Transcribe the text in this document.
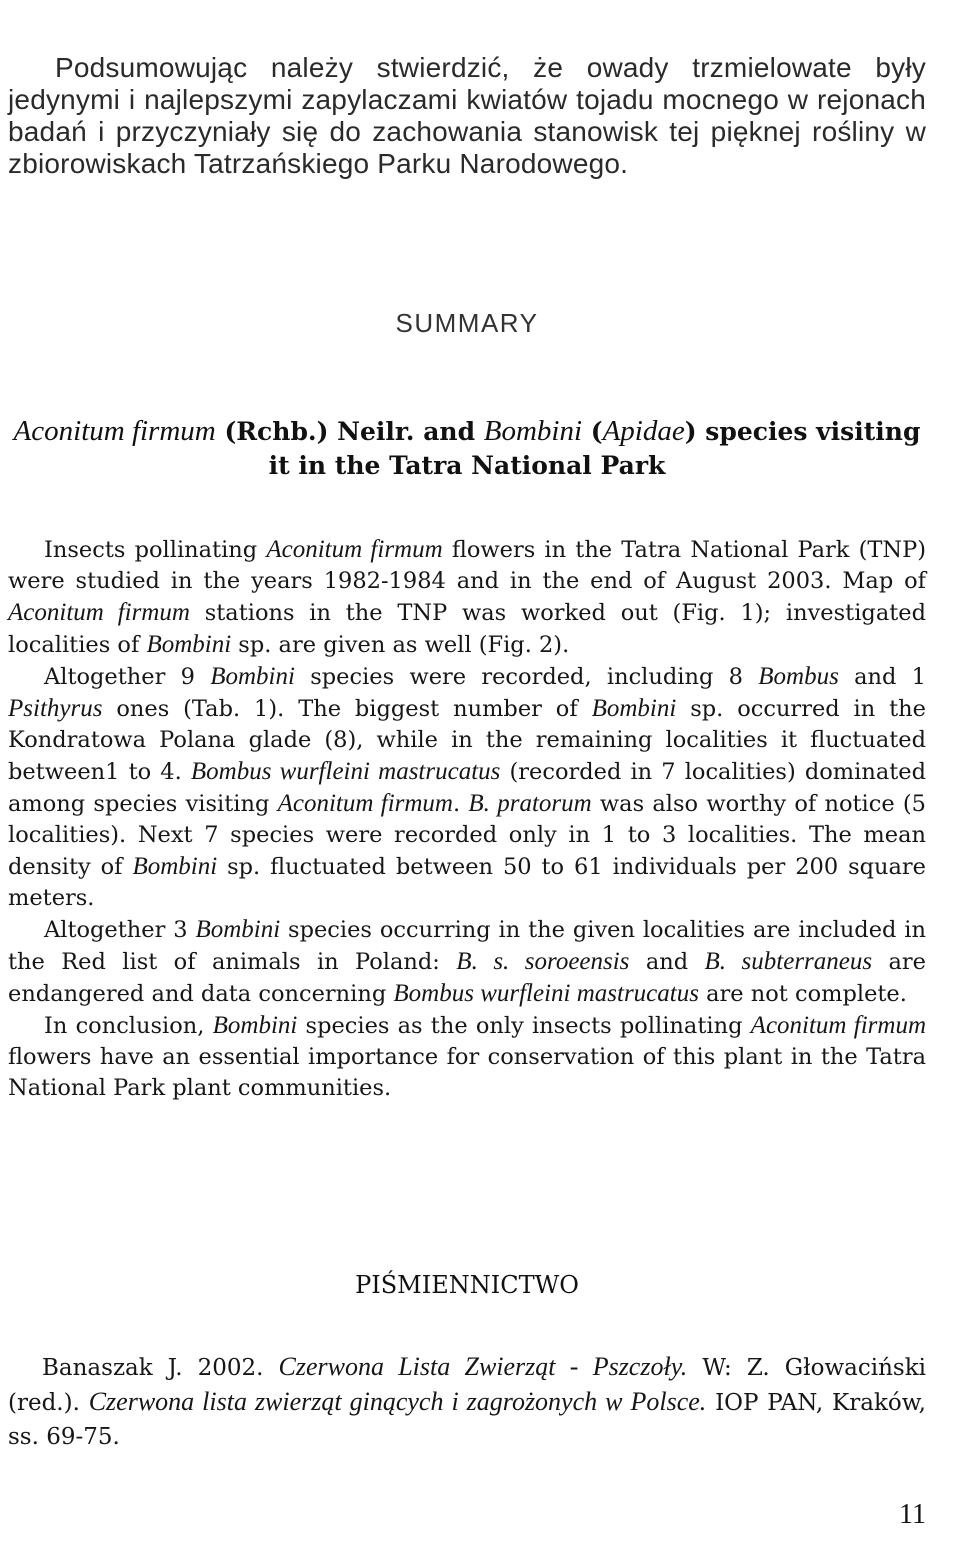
Podsumowując należy stwierdzić, że owady trzmielowate były jedynymi i najlepszymi zapylaczami kwiatów tojadu mocnego w rejonach badań i przyczyniały się do zachowania stanowisk tej pięknej rośliny w zbiorowiskach Tatrzańskiego Parku Narodowego.
SUMMARY
Aconitum firmum (Rchb.) Neilr. and Bombini (Apidae) species visiting it in the Tatra National Park

Insects pollinating Aconitum firmum flowers in the Tatra National Park (TNP) were studied in the years 1982-1984 and in the end of August 2003. Map of Aconitum firmum stations in the TNP was worked out (Fig. 1); investigated localities of Bombini sp. are given as well (Fig. 2).

Altogether 9 Bombini species were recorded, including 8 Bombus and 1 Psithyrus ones (Tab. 1). The biggest number of Bombini sp. occurred in the Kondratowa Polana glade (8), while in the remaining localities it fluctuated between1 to 4. Bombus wurfleini mastrucatus (recorded in 7 localities) dominated among species visiting Aconitum firmum. B. pratorum was also worthy of notice (5 localities). Next 7 species were recorded only in 1 to 3 localities. The mean density of Bombini sp. fluctuated between 50 to 61 individuals per 200 square meters.

Altogether 3 Bombini species occurring in the given localities are included in the Red list of animals in Poland: B. s. soroeensis and B. subterraneus are endangered and data concerning Bombus wurfleini mastrucatus are not complete.

In conclusion, Bombini species as the only insects pollinating Aconitum firmum flowers have an essential importance for conservation of this plant in the Tatra National Park plant communities.

PIŚMIENNICTWO
Banaszak J. 2002. Czerwona Lista Zwierząt - Pszczoły. W: Z. Głowaciński (red.). Czerwona lista zwierząt ginących i zagrożonych w Polsce. IOP PAN, Kraków, ss. 69-75.
11
